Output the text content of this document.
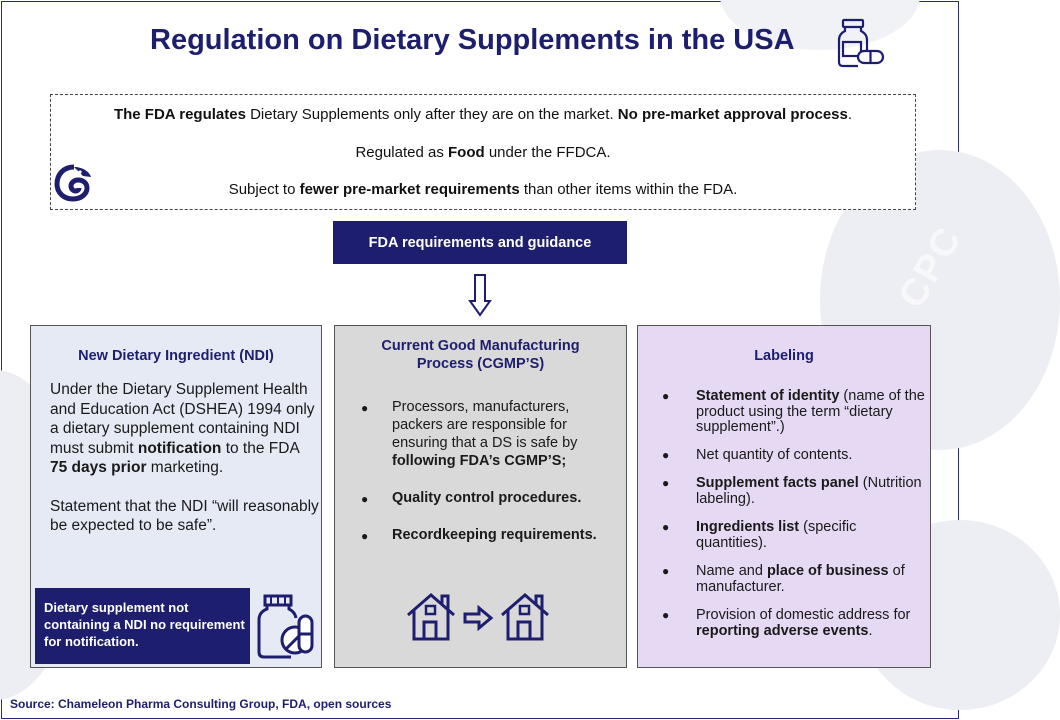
CPC
Regulation on Dietary Supplements in the USA
The FDA regulates Dietary Supplements only after they are on the market. No pre-market approval process.
Regulated as Food under the FFDCA.
Subject to fewer pre-market requirements than other items within the FDA.
FDA requirements and guidance
New Dietary Ingredient (NDI)

Under the Dietary Supplement Health and Education Act (DSHEA) 1994 only a dietary supplement containing NDI must submit notification to the FDA 75 days prior marketing.

Statement that the NDI “will reasonably be expected to be safe”.

Dietary supplement not containing a NDI no requirement for notification.
Current Good Manufacturing
Process (CGMP’S)
● Processors, manufacturers, packers are responsible for ensuring that a DS is safe by following FDA’s CGMP’S;
● Quality control procedures.
● Recordkeeping requirements.
Labeling
● Statement of identity (name of the product using the term “dietary supplement”.)
● Net quantity of contents.
● Supplement facts panel (Nutrition labeling).
● Ingredients list (specific quantities).
● Name and place of business of manufacturer.
● Provision of domestic address for reporting adverse events.
Source: Chameleon Pharma Consulting Group, FDA, open sources
